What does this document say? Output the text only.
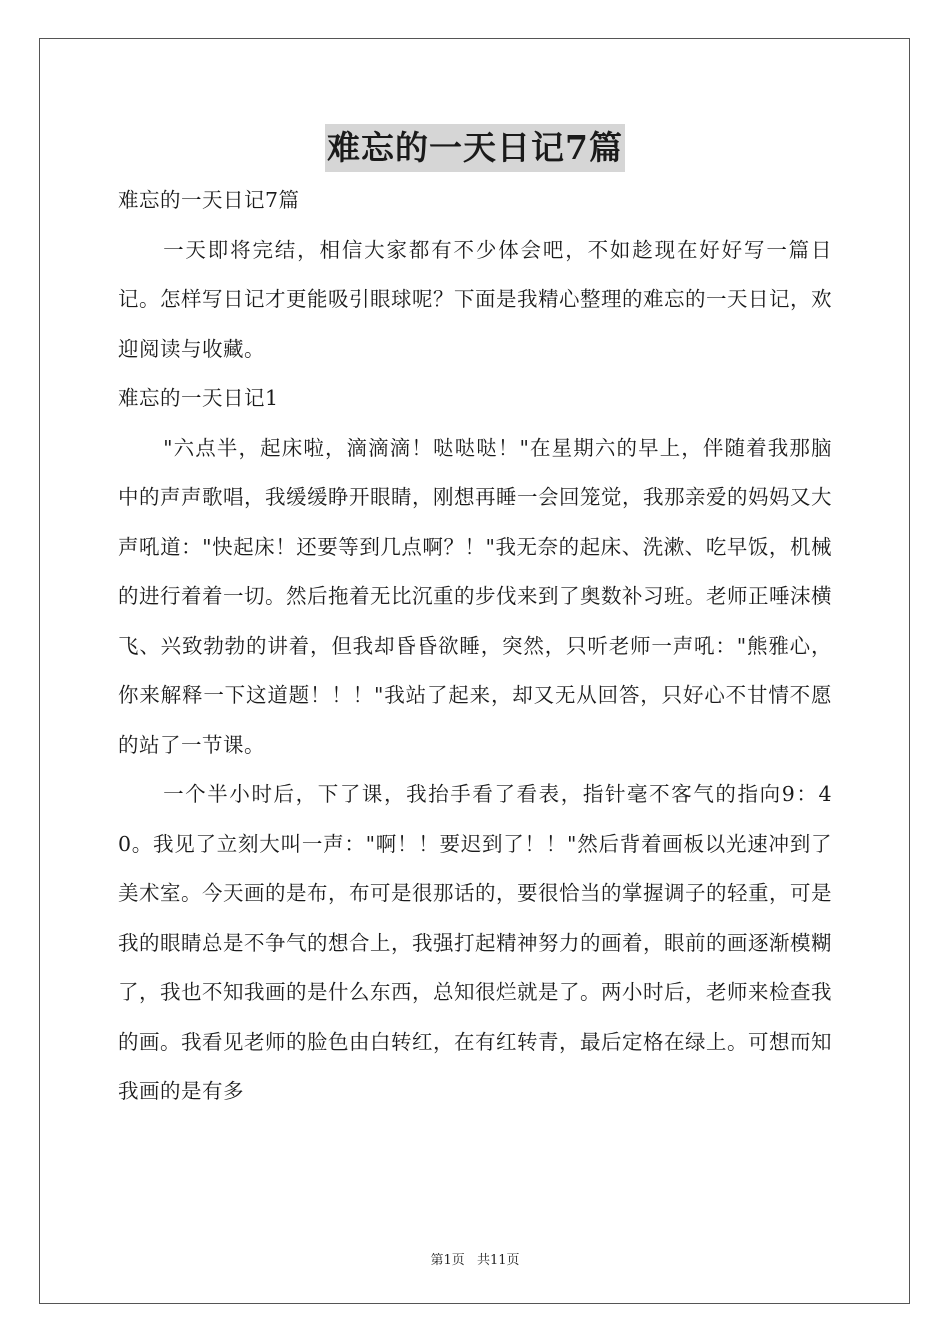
难忘的一天日记7篇

难忘的一天日记7篇

一天即将完结，相信大家都有不少体会吧，不如趁现在好好写一篇日记。怎样写日记才更能吸引眼球呢？下面是我精心整理的难忘的一天日记，欢迎阅读与收藏。

难忘的一天日记1

"六点半，起床啦，滴滴滴！哒哒哒！"在星期六的早上，伴随着我那脑中的声声歌唱，我缓缓睁开眼睛，刚想再睡一会回笼觉，我那亲爱的妈妈又大声吼道："快起床！还要等到几点啊？！"我无奈的起床、洗漱、吃早饭，机械的进行着着一切。然后拖着无比沉重的步伐来到了奥数补习班。老师正唾沫横飞、兴致勃勃的讲着，但我却昏昏欲睡，突然，只听老师一声吼："熊雅心，你来解释一下这道题！！！"我站了起来，却又无从回答，只好心不甘情不愿的站了一节课。

一个半小时后，下了课，我抬手看了看表，指针毫不客气的指向9：40。我见了立刻大叫一声："啊！！要迟到了！！"然后背着画板以光速冲到了美术室。今天画的是布，布可是很那话的，要很恰当的掌握调子的轻重，可是我的眼睛总是不争气的想合上，我强打起精神努力的画着，眼前的画逐渐模糊了，我也不知我画的是什么东西，总知很烂就是了。两小时后，老师来检查我的画。我看见老师的脸色由白转红，在有红转青，最后定格在绿上。可想而知我画的是有多

第1页 共11页
